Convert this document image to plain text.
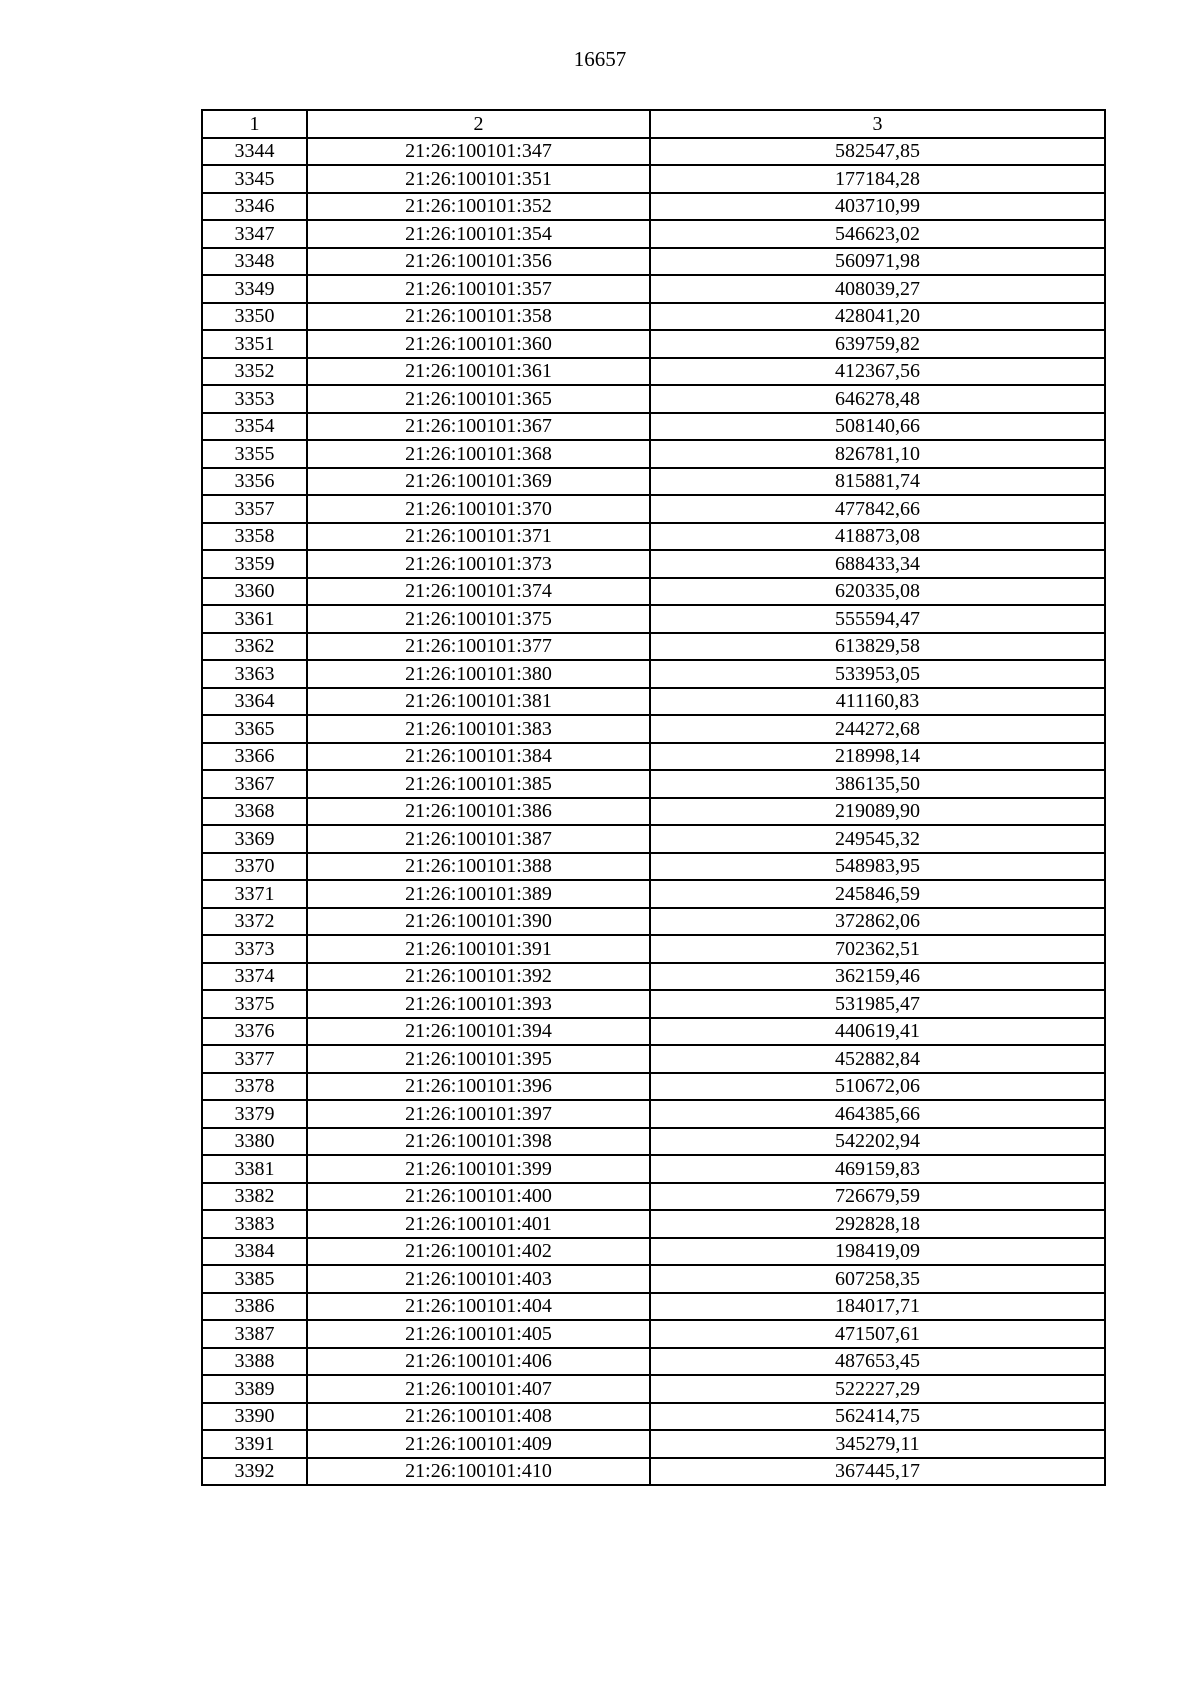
16657
1	2	3
3344	21:26:100101:347	582547,85
3345	21:26:100101:351	177184,28
3346	21:26:100101:352	403710,99
3347	21:26:100101:354	546623,02
3348	21:26:100101:356	560971,98
3349	21:26:100101:357	408039,27
3350	21:26:100101:358	428041,20
3351	21:26:100101:360	639759,82
3352	21:26:100101:361	412367,56
3353	21:26:100101:365	646278,48
3354	21:26:100101:367	508140,66
3355	21:26:100101:368	826781,10
3356	21:26:100101:369	815881,74
3357	21:26:100101:370	477842,66
3358	21:26:100101:371	418873,08
3359	21:26:100101:373	688433,34
3360	21:26:100101:374	620335,08
3361	21:26:100101:375	555594,47
3362	21:26:100101:377	613829,58
3363	21:26:100101:380	533953,05
3364	21:26:100101:381	411160,83
3365	21:26:100101:383	244272,68
3366	21:26:100101:384	218998,14
3367	21:26:100101:385	386135,50
3368	21:26:100101:386	219089,90
3369	21:26:100101:387	249545,32
3370	21:26:100101:388	548983,95
3371	21:26:100101:389	245846,59
3372	21:26:100101:390	372862,06
3373	21:26:100101:391	702362,51
3374	21:26:100101:392	362159,46
3375	21:26:100101:393	531985,47
3376	21:26:100101:394	440619,41
3377	21:26:100101:395	452882,84
3378	21:26:100101:396	510672,06
3379	21:26:100101:397	464385,66
3380	21:26:100101:398	542202,94
3381	21:26:100101:399	469159,83
3382	21:26:100101:400	726679,59
3383	21:26:100101:401	292828,18
3384	21:26:100101:402	198419,09
3385	21:26:100101:403	607258,35
3386	21:26:100101:404	184017,71
3387	21:26:100101:405	471507,61
3388	21:26:100101:406	487653,45
3389	21:26:100101:407	522227,29
3390	21:26:100101:408	562414,75
3391	21:26:100101:409	345279,11
3392	21:26:100101:410	367445,17
